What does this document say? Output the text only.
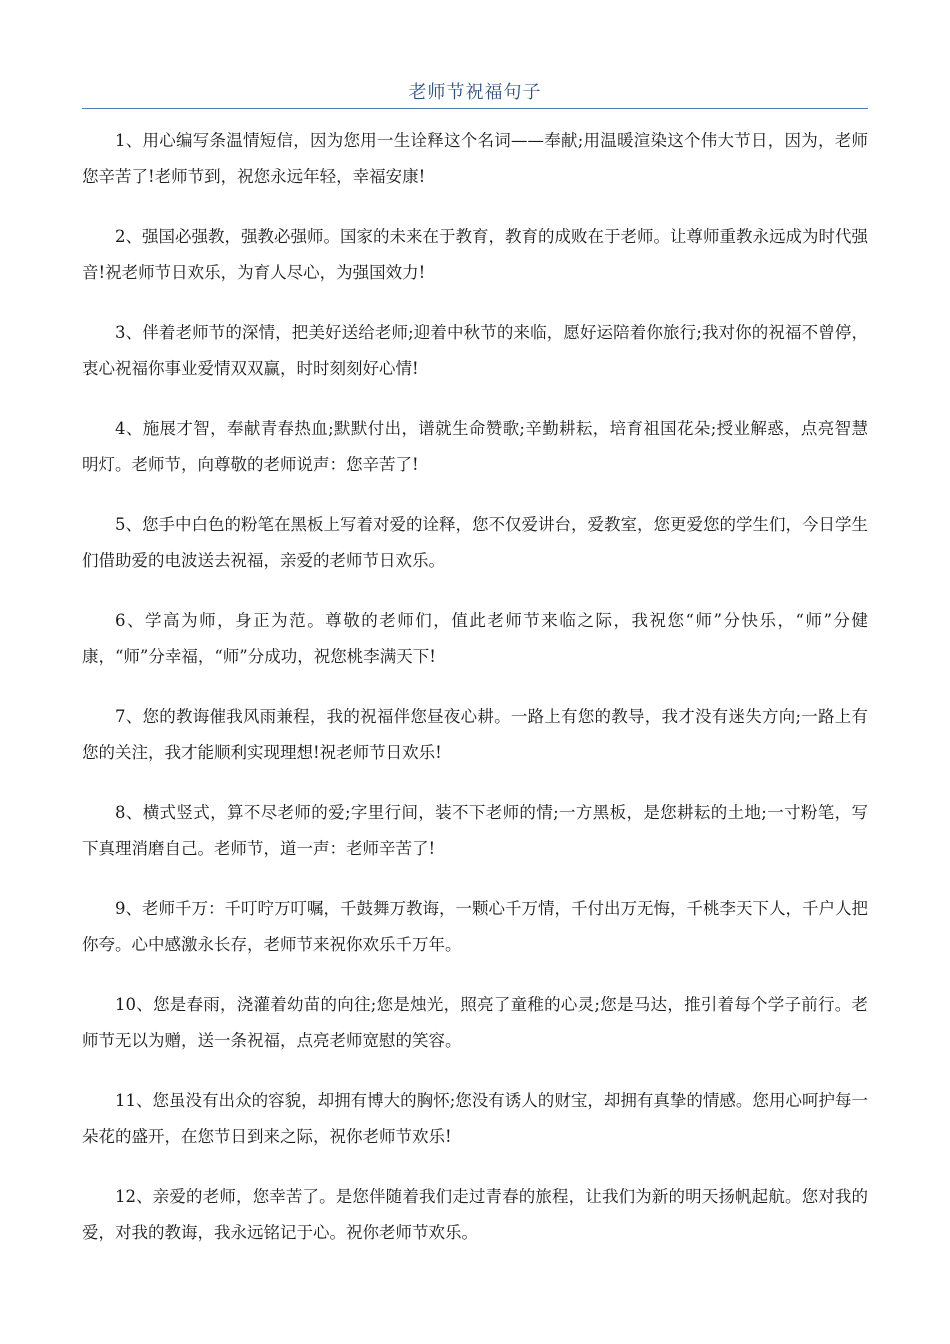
老师节祝福句子

1、用心编写条温情短信，因为您用一生诠释这个名词——奉献;用温暖渲染这个伟大节日，因为，老师您辛苦了!老师节到，祝您永远年轻，幸福安康!

2、强国必强教，强教必强师。国家的未来在于教育，教育的成败在于老师。让尊师重教永远成为时代强音!祝老师节日欢乐，为育人尽心，为强国效力!

3、伴着老师节的深情，把美好送给老师;迎着中秋节的来临，愿好运陪着你旅行;我对你的祝福不曾停，衷心祝福你事业爱情双双赢，时时刻刻好心情!

4、施展才智，奉献青春热血;默默付出，谱就生命赞歌;辛勤耕耘，培育祖国花朵;授业解惑，点亮智慧明灯。老师节，向尊敬的老师说声：您辛苦了!

5、您手中白色的粉笔在黑板上写着对爱的诠释，您不仅爱讲台，爱教室，您更爱您的学生们，今日学生们借助爱的电波送去祝福，亲爱的老师节日欢乐。

6、学高为师，身正为范。尊敬的老师们，值此老师节来临之际，我祝您“师”分快乐，“师”分健康，“师”分幸福，“师”分成功，祝您桃李满天下!

7、您的教诲催我风雨兼程，我的祝福伴您昼夜心耕。一路上有您的教导，我才没有迷失方向;一路上有您的关注，我才能顺利实现理想!祝老师节日欢乐!

8、横式竖式，算不尽老师的爱;字里行间，装不下老师的情;一方黑板，是您耕耘的土地;一寸粉笔，写下真理消磨自己。老师节，道一声：老师辛苦了!

9、老师千万：千叮咛万叮嘱，千鼓舞万教诲，一颗心千万情，千付出万无悔，千桃李天下人，千户人把你夸。心中感激永长存，老师节来祝你欢乐千万年。

10、您是春雨，浇灌着幼苗的向往;您是烛光，照亮了童稚的心灵;您是马达，推引着每个学子前行。老师节无以为赠，送一条祝福，点亮老师宽慰的笑容。

11、您虽没有出众的容貌，却拥有博大的胸怀;您没有诱人的财宝，却拥有真挚的情感。您用心呵护每一朵花的盛开，在您节日到来之际，祝你老师节欢乐!

12、亲爱的老师，您幸苦了。是您伴随着我们走过青春的旅程，让我们为新的明天扬帆起航。您对我的爱，对我的教诲，我永远铭记于心。祝你老师节欢乐。
